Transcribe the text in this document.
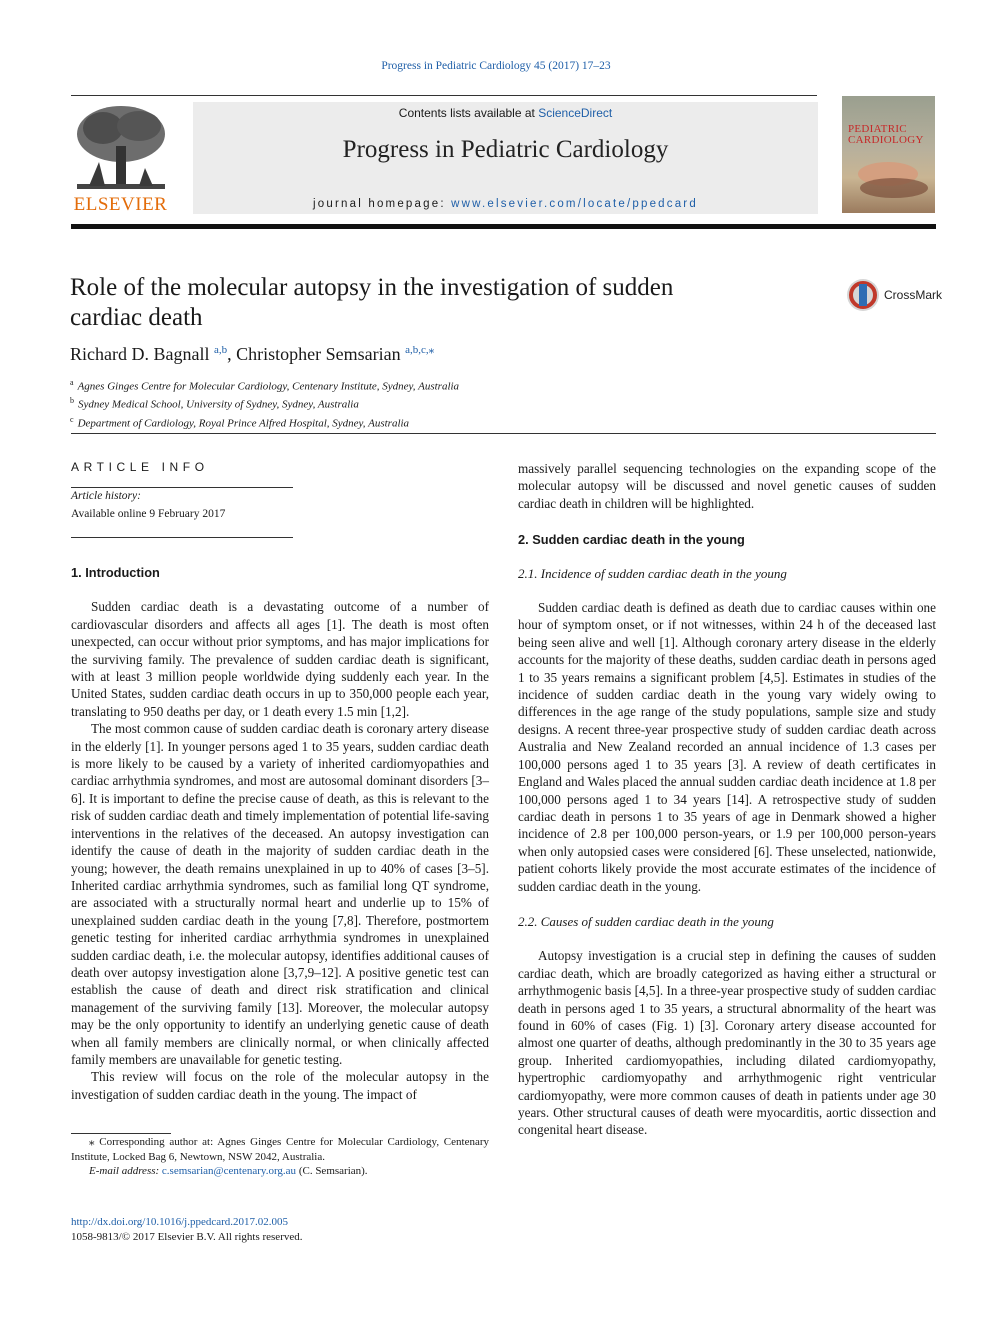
Progress in Pediatric Cardiology 45 (2017) 17–23
ELSEVIER
Contents lists available at ScienceDirect
Progress in Pediatric Cardiology
journal homepage: www.elsevier.com/locate/ppedcard
PEDIATRIC
CARDIOLOGY
Role of the molecular autopsy in the investigation of sudden cardiac death
CrossMark
Richard D. Bagnall $^{a,b}$, Christopher Semsarian $^{a,b,c,⁎}$
$^a$ Agnes Ginges Centre for Molecular Cardiology, Centenary Institute, Sydney, Australia
$^b$ Sydney Medical School, University of Sydney, Sydney, Australia
$^c$ Department of Cardiology, Royal Prince Alfred Hospital, Sydney, Australia
ARTICLE INFO
Article history:
Available online 9 February 2017

1. Introduction

Sudden cardiac death is a devastating outcome of a number of cardiovascular disorders and affects all ages [1]. The death is most often unexpected, can occur without prior symptoms, and has major implications for the surviving family. The prevalence of sudden cardiac death is significant, with at least 3 million people worldwide dying suddenly each year. In the United States, sudden cardiac death occurs in up to 350,000 people each year, translating to 950 deaths per day, or 1 death every 1.5 min [1,2].

The most common cause of sudden cardiac death is coronary artery disease in the elderly [1]. In younger persons aged 1 to 35 years, sudden cardiac death is more likely to be caused by a variety of inherited cardiomyopathies and cardiac arrhythmia syndromes, and most are autosomal dominant disorders [3–6]. It is important to define the precise cause of death, as this is relevant to the risk of sudden cardiac death and timely implementation of potential life-saving interventions in the relatives of the deceased. An autopsy investigation can identify the cause of death in the majority of sudden cardiac death in the young; however, the death remains unexplained in up to 40% of cases [3–5]. Inherited cardiac arrhythmia syndromes, such as familial long QT syndrome, are associated with a structurally normal heart and underlie up to 15% of unexplained sudden cardiac death in the young [7,8]. Therefore, postmortem genetic testing for inherited cardiac arrhythmia syndromes in unexplained sudden cardiac death, i.e. the molecular autopsy, identifies additional causes of death over autopsy investigation alone [3,7,9–12]. A positive genetic test can establish the cause of death and direct risk stratification and clinical management of the surviving family [13]. Moreover, the molecular autopsy may be the only opportunity to identify an underlying genetic cause of death when all family members are clinically normal, or when clinically affected family members are unavailable for genetic testing.

This review will focus on the role of the molecular autopsy in the investigation of sudden cardiac death in the young. The impact of

massively parallel sequencing technologies on the expanding scope of the molecular autopsy will be discussed and novel genetic causes of sudden cardiac death in children will be highlighted.

2. Sudden cardiac death in the young

2.1. Incidence of sudden cardiac death in the young

Sudden cardiac death is defined as death due to cardiac causes within one hour of symptom onset, or if not witnesses, within 24 h of the deceased last being seen alive and well [1]. Although coronary artery disease in the elderly accounts for the majority of these deaths, sudden cardiac death in persons aged 1 to 35 years remains a significant problem [4,5]. Estimates in studies of the incidence of sudden cardiac death in the young vary widely owing to differences in the age range of the study populations, sample size and study designs. A recent three-year prospective study of sudden cardiac death across Australia and New Zealand recorded an annual incidence of 1.3 cases per 100,000 persons aged 1 to 35 years [3]. A review of death certificates in England and Wales placed the annual sudden cardiac death incidence at 1.8 per 100,000 persons aged 1 to 34 years [14]. A retrospective study of sudden cardiac death in persons 1 to 35 years of age in Denmark showed a higher incidence of 2.8 per 100,000 person-years, or 1.9 per 100,000 person-years when only autopsied cases were considered [6]. These unselected, nationwide, patient cohorts likely provide the most accurate estimates of the incidence of sudden cardiac death in the young.

2.2. Causes of sudden cardiac death in the young

Autopsy investigation is a crucial step in defining the causes of sudden cardiac death, which are broadly categorized as having either a structural or arrhythmogenic basis [4,5]. In a three-year prospective study of sudden cardiac death in persons aged 1 to 35 years, a structural abnormality of the heart was found in 60% of cases (Fig. 1) [3]. Coronary artery disease accounted for almost one quarter of deaths, although predominantly in the 30 to 35 years age group. Inherited cardiomyopathies, including dilated cardiomyopathy, hypertrophic cardiomyopathy and arrhythmogenic right ventricular cardiomyopathy, were more common causes of death in patients under age 30 years. Other structural causes of death were myocarditis, aortic dissection and congenital heart disease.

⁎ Corresponding author at: Agnes Ginges Centre for Molecular Cardiology, Centenary Institute, Locked Bag 6, Newtown, NSW 2042, Australia.
E-mail address: c.semsarian@centenary.org.au (C. Semsarian).
http://dx.doi.org/10.1016/j.ppedcard.2017.02.005
1058-9813/© 2017 Elsevier B.V. All rights reserved.
